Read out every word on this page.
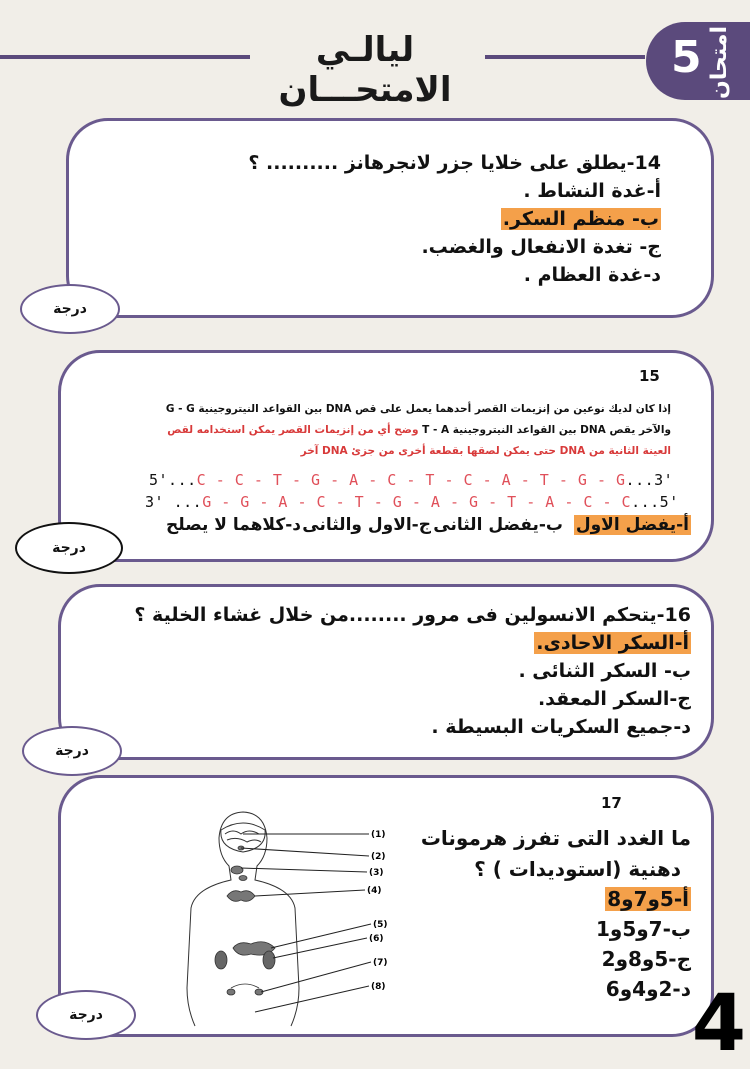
ليالـي الامتحـــان
5 امتحان
14-يطلق على خلايا جزر لانجرهانز .......... ؟
أ-غدة النشاط .
ب- منظم السكر.
ج- تغدة الانفعال والغضب.
د-غدة العظام .
درجة
15
إذا كان لديك نوعين من إنزيمات القصر أحدهما يعمل على قص DNA بين القواعد النيتروجينية G - G
والآخر يقص DNA بين القواعد النيتروجينية T - A وضح أي من إنزيمات القصر يمكن استخدامه لقص
العينة الثانية من DNA حتى يمكن لصقها بقطعة أخرى من جزئ DNA آخر
5'...C - C - T - G - A - C - T - C - A - T - G - G...3'
3' ...G - G - A - C - T - G - A - G - T - A - C - C...5'
أ-يفضل الاول
ب-يفضل الثانى
ج-الاول والثانى
د-كلاهما لا يصلح
درجة
16-يتحكم الانسولين فى مرور ........من خلال غشاء الخلية ؟
أ-السكر الاحادى.
ب- السكر الثنائى .
ج-السكر المعقد.
د-جميع السكريات البسيطة .
درجة
17
ما الغدد التى تفرز هرمونات
دهنية (استوديدات ) ؟
أ-5و7و8
ب-7و5و1
ج-5و8و2
د-2و4و6
(1)
(2)
(3)
(4)
(5)
(6)
(7)
(8)
درجة	4
